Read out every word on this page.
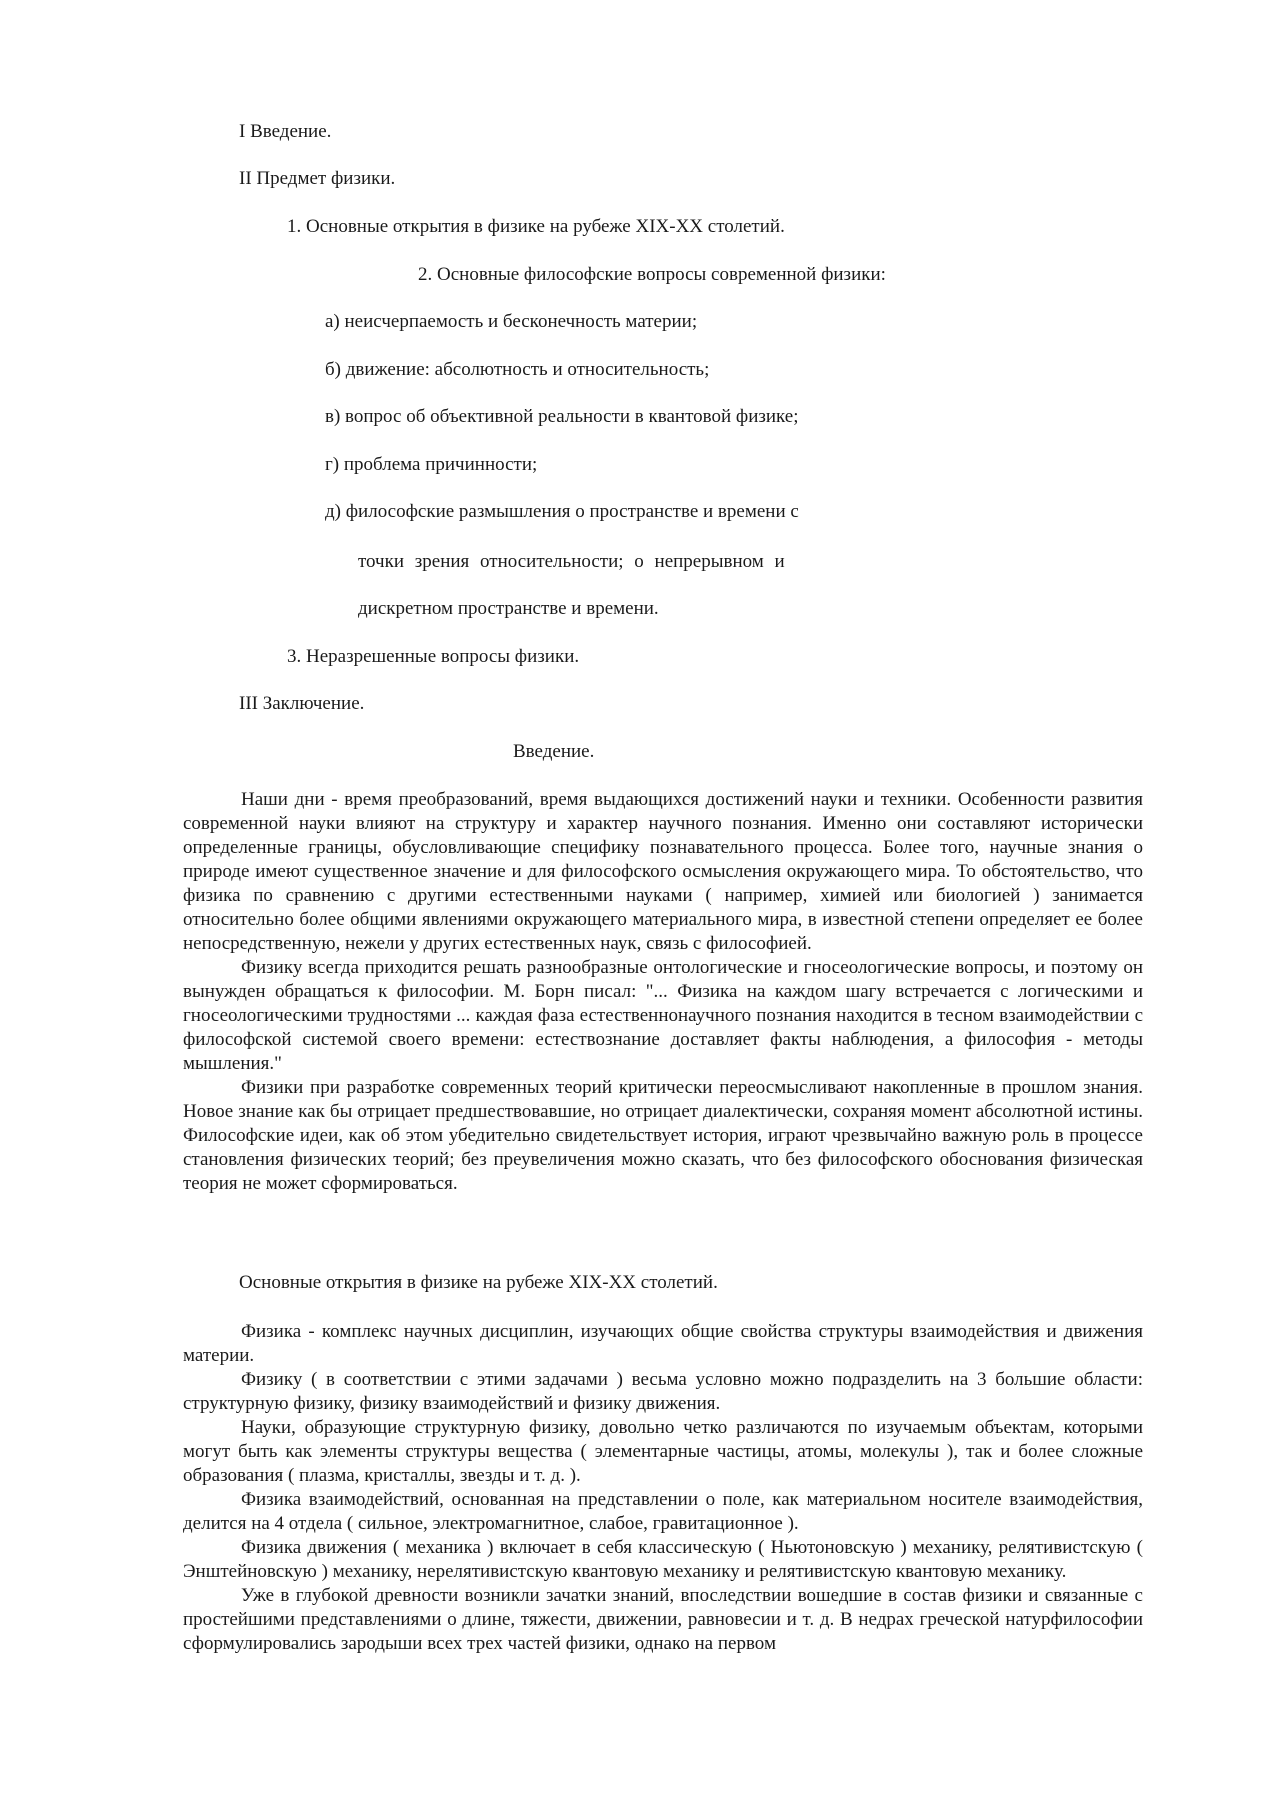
I Введение.
II Предмет физики.
1. Основные открытия в физике на рубеже XIX-XX столетий.
2. Основные философские вопросы современной физики:
а) неисчерпаемость и бесконечность материи;
б) движение: абсолютность и относительность;
в) вопрос об объективной реальности в квантовой физике;
г) проблема причинности;
д) философские размышления о пространстве и времени с
точки зрения относительности; о непрерывном и
дискретном пространстве и времени.
3. Неразрешенные вопросы физики.
III Заключение.
Введение.

Наши дни - время преобразований, время выдающихся достижений науки и техники. Особенности развития современной науки влияют на структуру и характер научного познания. Именно они составляют исторически определенные границы, обусловливающие специфику познавательного процесса. Более того, научные знания о природе имеют существенное значение и для философского осмысления окружающего мира. То обстоятельство, что физика по сравнению с другими естественными науками ( например, химией или биологией ) занимается относительно более общими явлениями окружающего материального мира, в известной степени определяет ее более непосредственную, нежели у других естественных наук, связь с философией.

Физику всегда приходится решать разнообразные онтологические и гносеологические вопросы, и поэтому он вынужден обращаться к философии. М. Борн писал: "... Физика на каждом шагу встречается с логическими и гносеологическими трудностями ... каждая фаза естественнонаучного познания находится в тесном взаимодействии с философской системой своего времени: естествознание доставляет факты наблюдения, а философия - методы мышления."

Физики при разработке современных теорий критически переосмысливают накопленные в прошлом знания. Новое знание как бы отрицает предшествовавшие, но отрицает диалектически, сохраняя момент абсолютной истины. Философские идеи, как об этом убедительно свидетельствует история, играют чрезвычайно важную роль в процессе становления физических теорий; без преувеличения можно сказать, что без философского обоснования физическая теория не может сформироваться.

Основные открытия в физике на рубеже XIX-XX столетий.

Физика - комплекс научных дисциплин, изучающих общие свойства структуры взаимодействия и движения материи.

Физику ( в соответствии с этими задачами ) весьма условно можно подразделить на 3 большие области: структурную физику, физику взаимодействий и физику движения.

Науки, образующие структурную физику, довольно четко различаются по изучаемым объектам, которыми могут быть как элементы структуры вещества ( элементарные частицы, атомы, молекулы ), так и более сложные образования ( плазма, кристаллы, звезды и т. д. ).

Физика взаимодействий, основанная на представлении о поле, как материальном носителе взаимодействия, делится на 4 отдела ( сильное, электромагнитное, слабое, гравитационное ).

Физика движения ( механика ) включает в себя классическую ( Ньютоновскую ) механику, релятивистскую ( Энштейновскую ) механику, нерелятивистскую квантовую механику и релятивистскую квантовую механику.

Уже в глубокой древности возникли зачатки знаний, впоследствии вошедшие в состав физики и связанные с простейшими представлениями о длине, тяжести, движении, равновесии и т. д. В недрах греческой натурфилософии сформулировались зародыши всех трех частей физики, однако на первом
